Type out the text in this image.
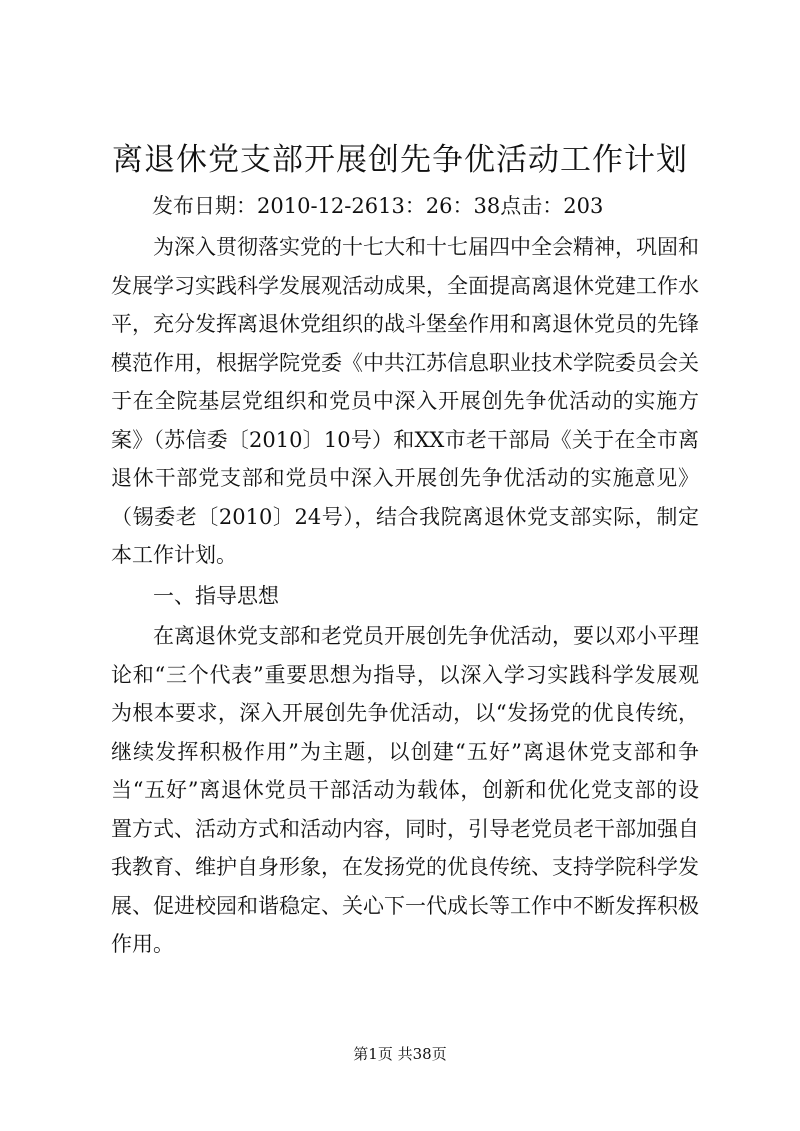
离退休党支部开展创先争优活动工作计划
发布日期：2010-12-2613：26：38点击：203

为深入贯彻落实党的十七大和十七届四中全会精神，巩固和发展学习实践科学发展观活动成果，全面提高离退休党建工作水平，充分发挥离退休党组织的战斗堡垒作用和离退休党员的先锋模范作用，根据学院党委《中共江苏信息职业技术学院委员会关于在全院基层党组织和党员中深入开展创先争优活动的实施方案》（苏信委〔2010〕10号）和XX市老干部局《关于在全市离退休干部党支部和党员中深入开展创先争优活动的实施意见》（锡委老〔2010〕24号），结合我院离退休党支部实际，制定本工作计划。

一、指导思想

在离退休党支部和老党员开展创先争优活动，要以邓小平理论和“三个代表”重要思想为指导，以深入学习实践科学发展观为根本要求，深入开展创先争优活动，以“发扬党的优良传统，继续发挥积极作用”为主题，以创建“五好”离退休党支部和争当“五好”离退休党员干部活动为载体，创新和优化党支部的设置方式、活动方式和活动内容，同时，引导老党员老干部加强自我教育、维护自身形象，在发扬党的优良传统、支持学院科学发展、促进校园和谐稳定、关心下一代成长等工作中不断发挥积极作用。

第1页 共38页
